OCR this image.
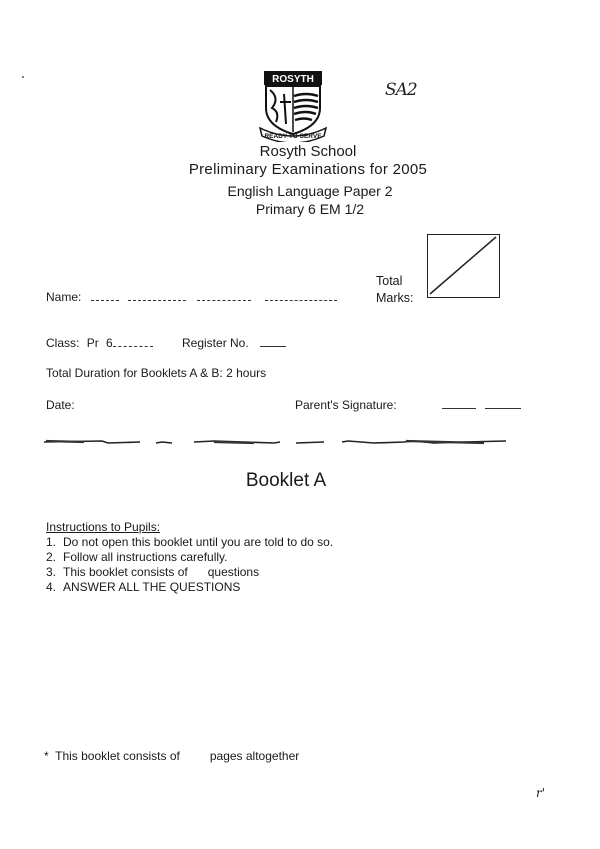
ROSYTH
READY TO SERVE
SA2
Rosyth School
Preliminary Examinations for 2005
English Language Paper 2
Primary 6 EM 1/2
Total
Marks:
Name:
Class: Pr 6	Register No.
Total Duration for Booklets A & B: 2 hours
Date:	Parent's Signature:
Booklet A
Instructions to Pupils:
1. Do not open this booklet until you are told to do so.
2. Follow all instructions carefully.
3. This booklet consists of      questions
4. ANSWER ALL THE QUESTIONS
*  This booklet consists of         pages altogether
r'
